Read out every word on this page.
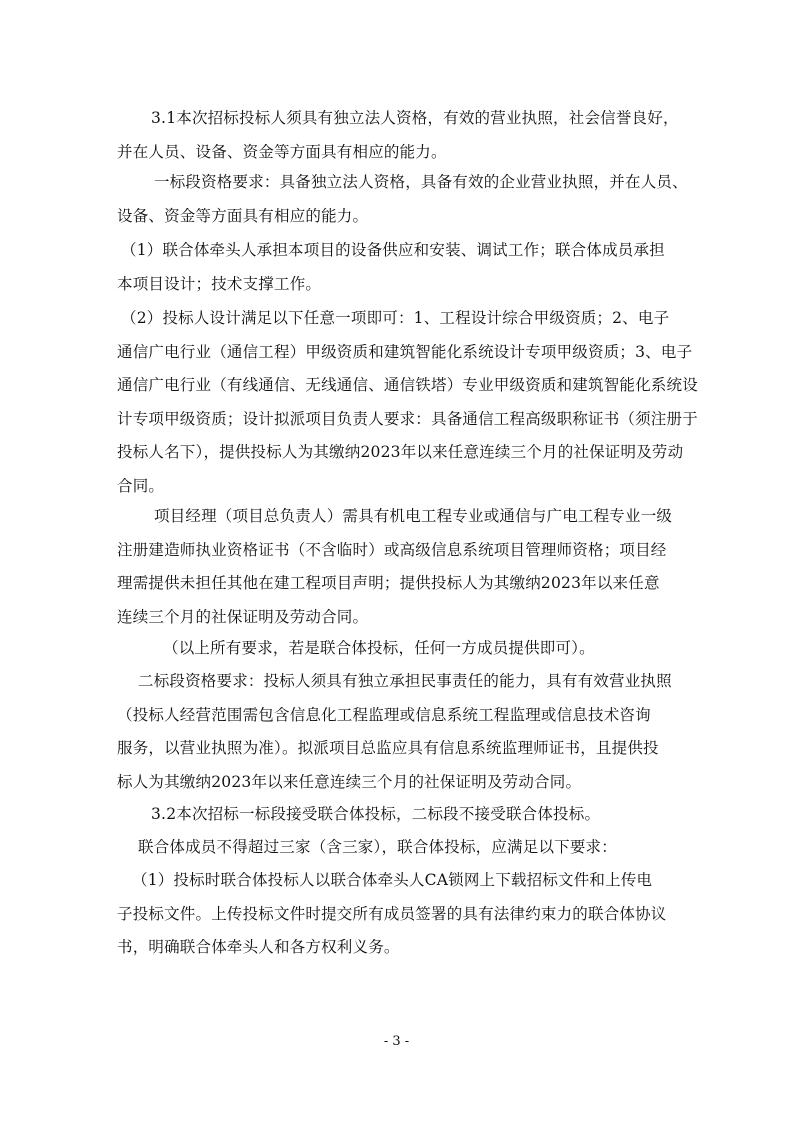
3.1本次招标投标人须具有独立法人资格，有效的营业执照，社会信誉良好，
并在人员、设备、资金等方面具有相应的能力。

一标段资格要求：具备独立法人资格，具备有效的企业营业执照，并在人员、
设备、资金等方面具有相应的能力。

（1）联合体牵头人承担本项目的设备供应和安装、调试工作；联合体成员承担
本项目设计；技术支撑工作。

（2）投标人设计满足以下任意一项即可：1、工程设计综合甲级资质；2、电子
通信广电行业（通信工程）甲级资质和建筑智能化系统设计专项甲级资质；3、电子
通信广电行业（有线通信、无线通信、通信铁塔）专业甲级资质和建筑智能化系统设
计专项甲级资质；设计拟派项目负责人要求：具备通信工程高级职称证书（须注册于
投标人名下），提供投标人为其缴纳2023年以来任意连续三个月的社保证明及劳动
合同。

项目经理（项目总负责人）需具有机电工程专业或通信与广电工程专业一级
注册建造师执业资格证书（不含临时）或高级信息系统项目管理师资格；项目经
理需提供未担任其他在建工程项目声明；提供投标人为其缴纳2023年以来任意
连续三个月的社保证明及劳动合同。

（以上所有要求，若是联合体投标，任何一方成员提供即可）。

二标段资格要求：投标人须具有独立承担民事责任的能力，具有有效营业执照
（投标人经营范围需包含信息化工程监理或信息系统工程监理或信息技术咨询
服务，以营业执照为准）。拟派项目总监应具有信息系统监理师证书，且提供投
标人为其缴纳2023年以来任意连续三个月的社保证明及劳动合同。

3.2本次招标一标段接受联合体投标，二标段不接受联合体投标。

联合体成员不得超过三家（含三家），联合体投标，应满足以下要求：

（1）投标时联合体投标人以联合体牵头人CA锁网上下载招标文件和上传电
子投标文件。上传投标文件时提交所有成员签署的具有法律约束力的联合体协议
书，明确联合体牵头人和各方权利义务。

- 3 -
